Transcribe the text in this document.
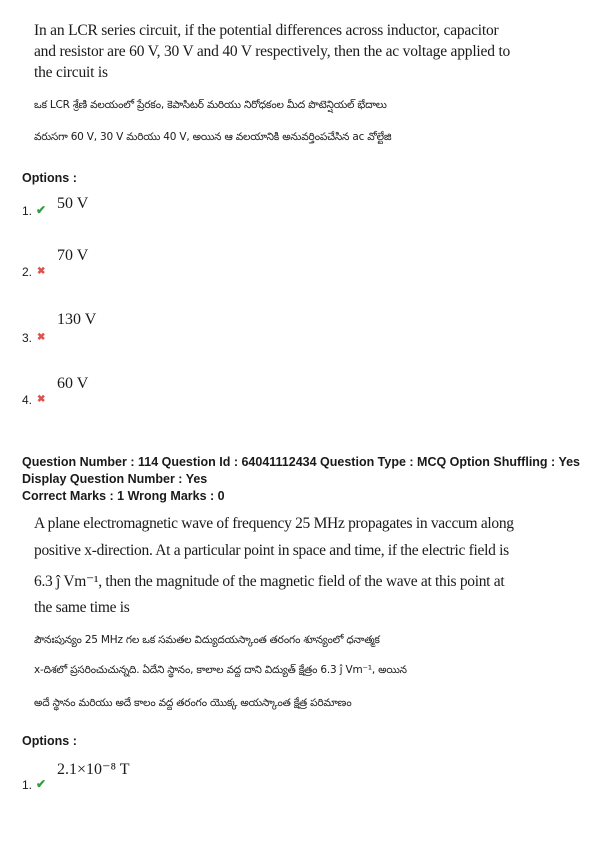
In an LCR series circuit, if the potential differences across inductor, capacitor
and resistor are 60 V, 30 V and 40 V respectively, then the ac voltage applied to
the circuit is
ఒక LCR శ్రేణి వలయంలో ప్రేరకం, కెపాసిటర్ మరియు నిరోధకంల మీద పొటెన్షియల్ భేదాలు
వరుసగా 60 V, 30 V మరియు 40 V, అయిన ఆ వలయానికి అనువర్తింపచేసిన ac వోల్టేజి
Options :
50 V
1. ✔
70 V
2. ✖
130 V
3. ✖
60 V
4. ✖
Question Number : 114 Question Id : 64041112434 Question Type : MCQ Option Shuffling : Yes
Display Question Number : Yes
Correct Marks : 1 Wrong Marks : 0
A plane electromagnetic wave of frequency 25 MHz propagates in vaccum along
positive x-direction. At a particular point in space and time, if the electric field is
6.3 ĵ Vm⁻¹, then the magnitude of the magnetic field of the wave at this point at
the same time is
పౌనఃపున్యం 25 MHz గల ఒక సమతల విద్యుదయస్కాంత తరంగం శూన్యంలో ధనాత్మక
x-దిశలో ప్రసరించుచున్నది. ఏదేని స్థానం, కాలాల వద్ద దాని విద్యుత్ క్షేత్రం 6.3 ĵ Vm⁻¹, అయిన
అదే స్థానం మరియు అదే కాలం వద్ద తరంగం యొక్క అయస్కాంత క్షేత్ర పరిమాణం
Options :
2.1×10⁻⁸ T
1. ✔
